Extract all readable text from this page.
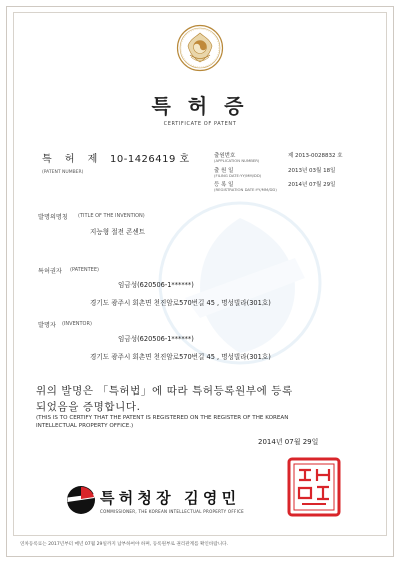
특 허 증
CERTIFICATE OF PATENT
특 허 제 10-1426419 호
(PATENT NUMBER)
출원번호
(APPLICATION NUMBER)
제 2013-0028832 호
출 원 일
(FILING DATE:YY/MM/DD)
2013년 03월 18일
등 록 일
(REGISTRATION DATE:YY/MM/DD)
2014년 07월 29일
발명의명칭 (TITLE OF THE INVENTION)
지능형 절전 콘센트
특허권자 (PATENTEE)
임금성(620506-1******)
경기도 광주시 회촌면 천진암로570번길 45 , 명성빌라(301호)
발명자 (INVENTOR)
임금성(620506-1******)
경기도 광주시 회촌면 천진암로570번길 45 , 명성빌라(301호)
위의 발명은 「특허법」에 따라 특허등록원부에 등록
되었음을 증명합니다.
(THIS IS TO CERTIFY THAT THE PATENT IS REGISTERED ON THE REGISTER OF THE KOREAN
INTELLECTUAL PROPERTY OFFICE.)
2014년 07월 29일
특허청장 김영민
COMMISSIONER, THE KOREAN INTELLECTUAL PROPERTY OFFICE
연차등록료는 2017년부터 매년 07월 29일까지 납부하여야 하며, 등록원부로 권리관계를 확인바랍니다.
